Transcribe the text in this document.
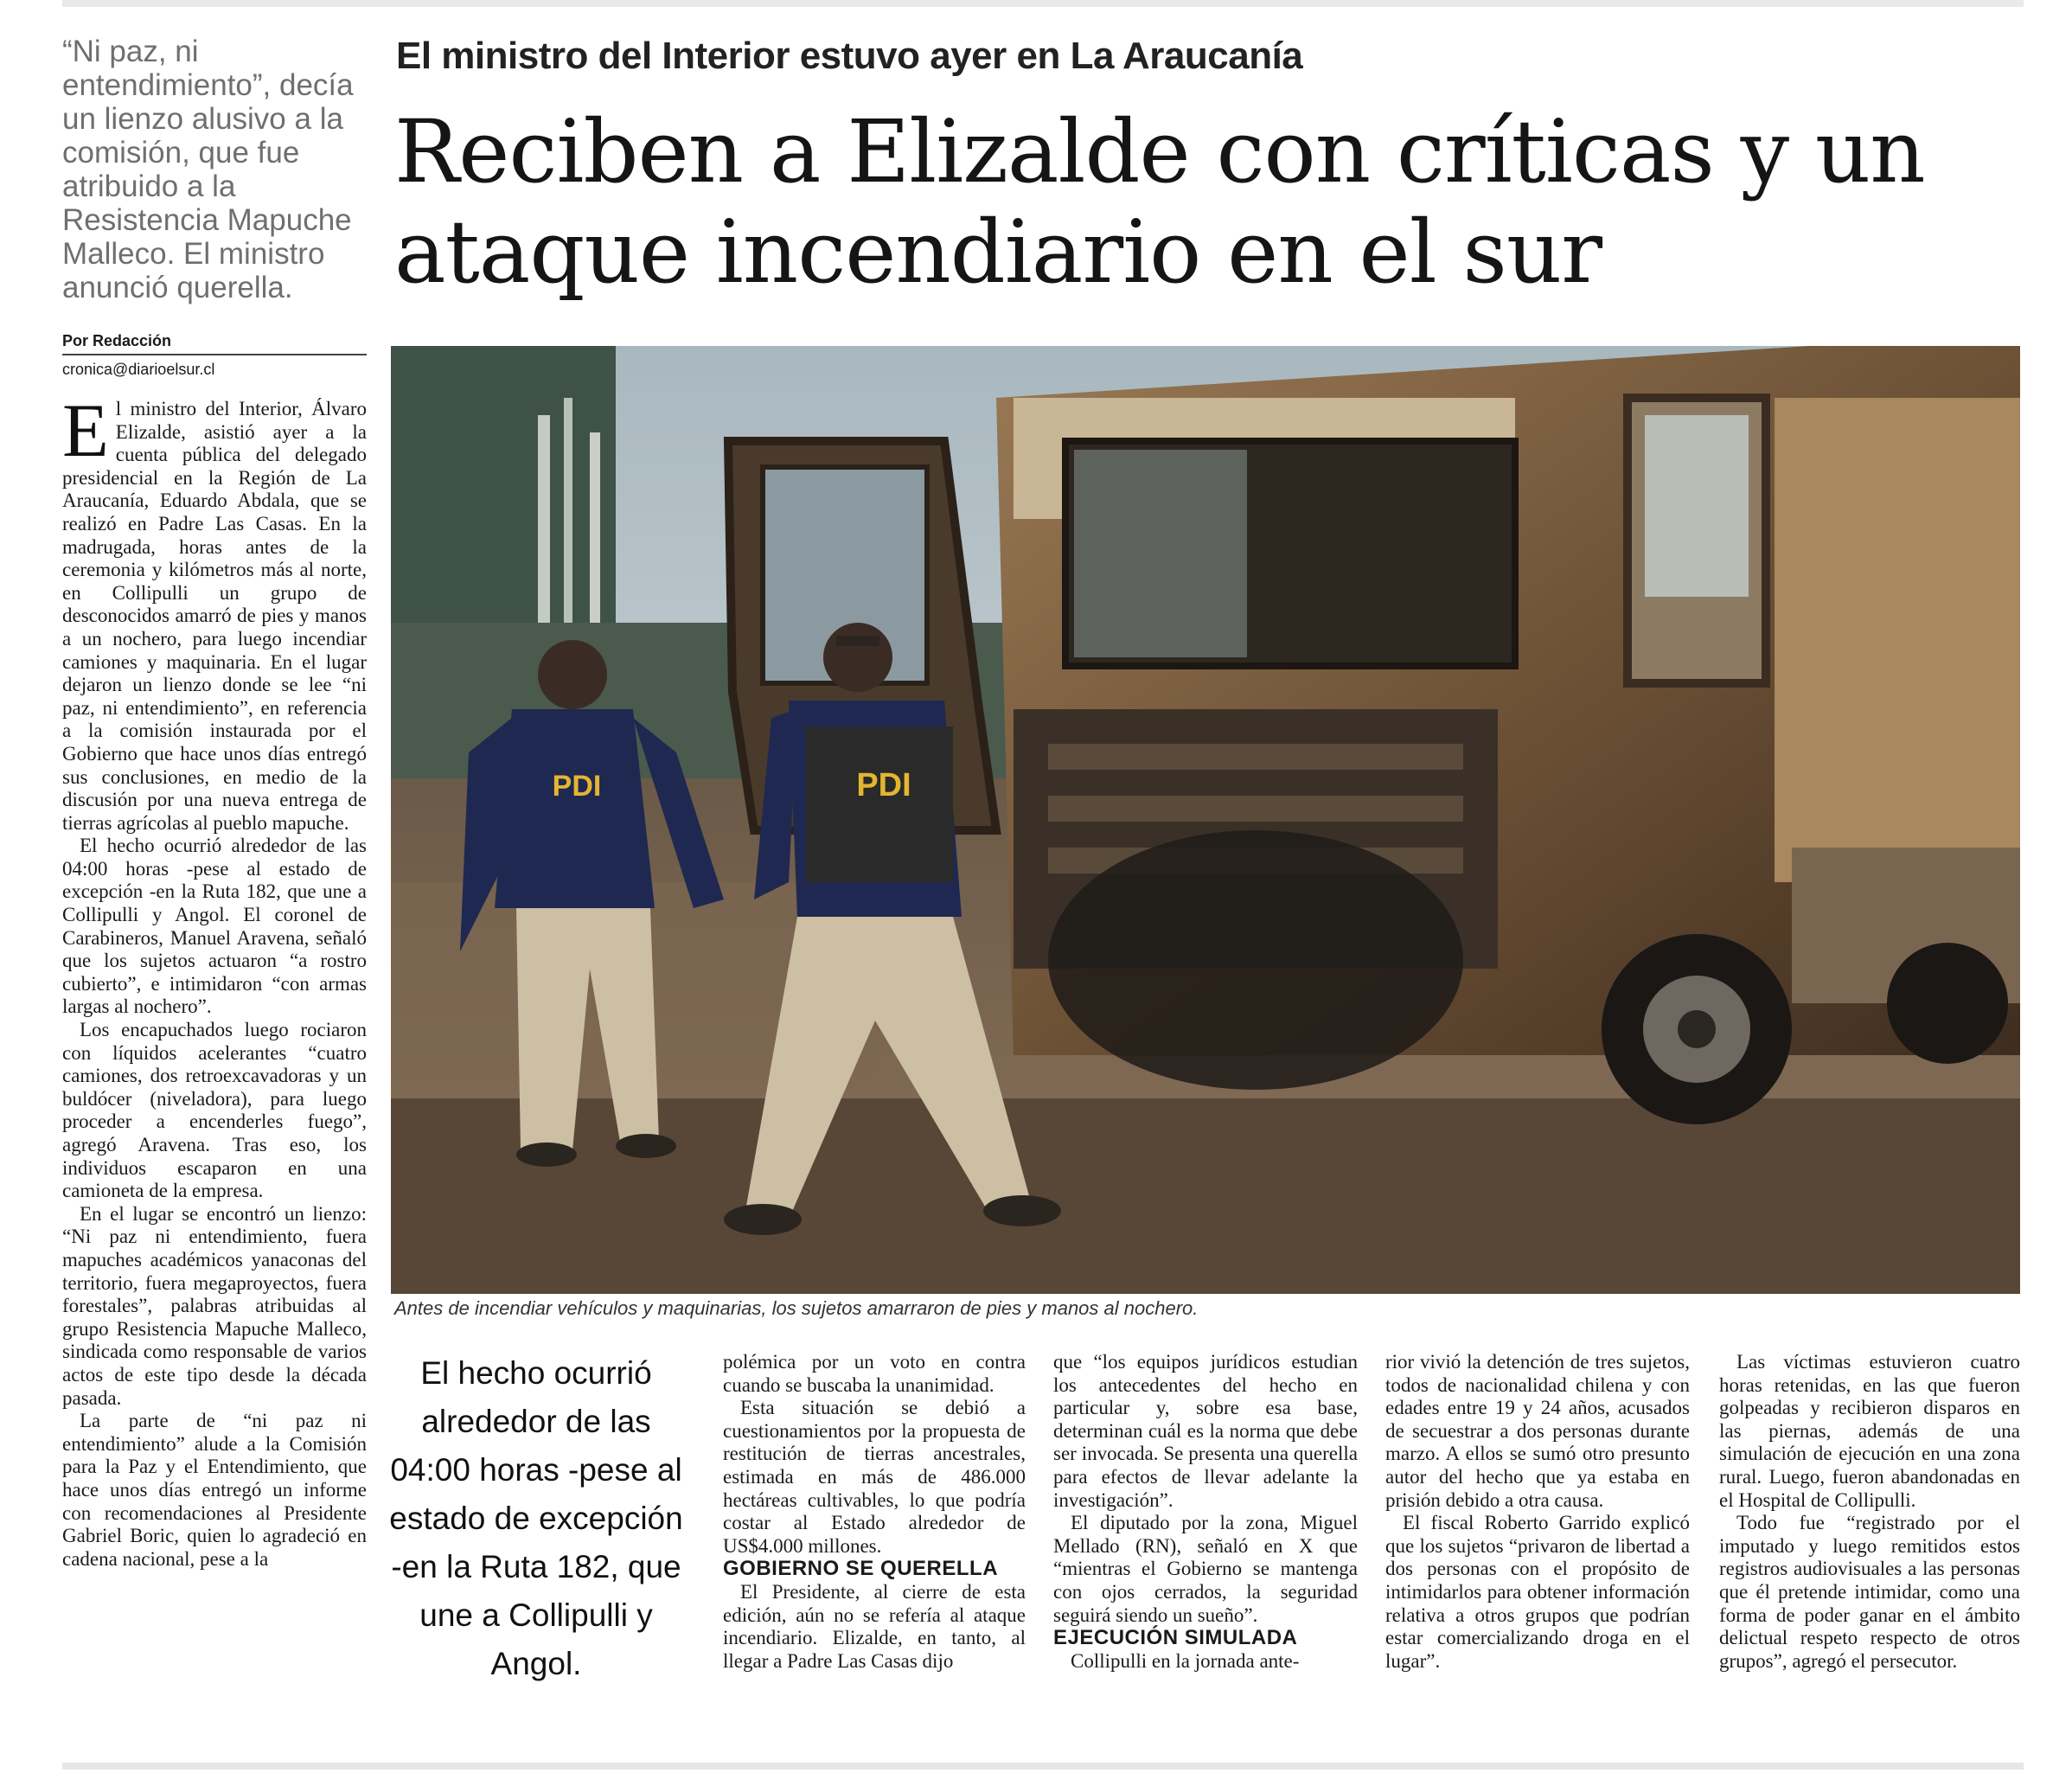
“Ni paz, ni entendimiento”, decía un lienzo alusivo a la comisión, que fue atribuido a la Resistencia Mapuche Malleco. El ministro anunció querella.
Por Redacción
cronica@diarioelsur.cl
El ministro del Interior estuvo ayer en La Araucanía
Reciben a Elizalde con críticas y un ataque incendiario en el sur

El ministro del Interior, Álvaro Elizalde, asistió ayer a la cuenta pública del delegado presidencial en la Región de La Araucanía, Eduardo Abdala, que se realizó en Padre Las Casas. En la madrugada, horas antes de la ceremonia y kilómetros más al norte, en Collipulli un grupo de desconocidos amarró de pies y manos a un nochero, para luego incendiar camiones y maquinaria. En el lugar dejaron un lienzo donde se lee “ni paz, ni entendimiento”, en referencia a la comisión instaurada por el Gobierno que hace unos días entregó sus conclusiones, en medio de la discusión por una nueva entrega de tierras agrícolas al pueblo mapuche.

El hecho ocurrió alrededor de las 04:00 horas -pese al estado de excepción -en la Ruta 182, que une a Collipulli y Angol. El coronel de Carabineros, Manuel Aravena, señaló que los sujetos actuaron “a rostro cubierto”, e intimidaron “con armas largas al nochero”.

Los encapuchados luego rociaron con líquidos acelerantes “cuatro camiones, dos retroexcavadoras y un buldócer (niveladora), para luego proceder a encenderles fuego”, agregó Aravena. Tras eso, los individuos escaparon en una camioneta de la empresa.

En el lugar se encontró un lienzo: “Ni paz ni entendimiento, fuera mapuches académicos yanaconas del territorio, fuera megaproyectos, fuera forestales”, palabras atribuidas al grupo Resistencia Mapuche Malleco, sindicada como responsable de varios actos de este tipo desde la década pasada.

La parte de “ni paz ni entendimiento” alude a la Comisión para la Paz y el Entendimiento, que hace unos días entregó un informe con recomendaciones al Presidente Gabriel Boric, quien lo agradeció en cadena nacional, pese a la

PDI	PDI
Antes de incendiar vehículos y maquinarias, los sujetos amarraron de pies y manos al nochero.
El hecho ocurrió alrededor de las 04:00 horas -pese al estado de excepción -en la Ruta 182, que une a Collipulli y Angol.

polémica por un voto en contra cuando se buscaba la unanimidad.

Esta situación se debió a cuestionamientos por la propuesta de restitución de tierras ancestrales, estimada en más de 486.000 hectáreas cultivables, lo que podría costar al Estado alrededor de US$4.000 millones.

GOBIERNO SE QUERELLA

El Presidente, al cierre de esta edición, aún no se refería al ataque incendiario. Elizalde, en tanto, al llegar a Padre Las Casas dijo

que “los equipos jurídicos estudian los antecedentes del hecho en particular y, sobre esa base, determinan cuál es la norma que debe ser invocada. Se presenta una querella para efectos de llevar adelante la investigación”.

El diputado por la zona, Miguel Mellado (RN), señaló en X que “mientras el Gobierno se mantenga con ojos cerrados, la seguridad seguirá siendo un sueño”.

EJECUCIÓN SIMULADA

Collipulli en la jornada ante-

rior vivió la detención de tres sujetos, todos de nacionalidad chilena y con edades entre 19 y 24 años, acusados de secuestrar a dos personas durante marzo. A ellos se sumó otro presunto autor del hecho que ya estaba en prisión debido a otra causa.

El fiscal Roberto Garrido explicó que los sujetos “privaron de libertad a dos personas con el propósito de intimidarlos para obtener información relativa a otros grupos que podrían estar comercializando droga en el lugar”.

Las víctimas estuvieron cuatro horas retenidas, en las que fueron golpeadas y recibieron disparos en las piernas, además de una simulación de ejecución en una zona rural. Luego, fueron abandonadas en el Hospital de Collipulli.

Todo fue “registrado por el imputado y luego remitidos estos registros audiovisuales a las personas que él pretende intimidar, como una forma de poder ganar en el ámbito delictual respeto respecto de otros grupos”, agregó el persecutor.
